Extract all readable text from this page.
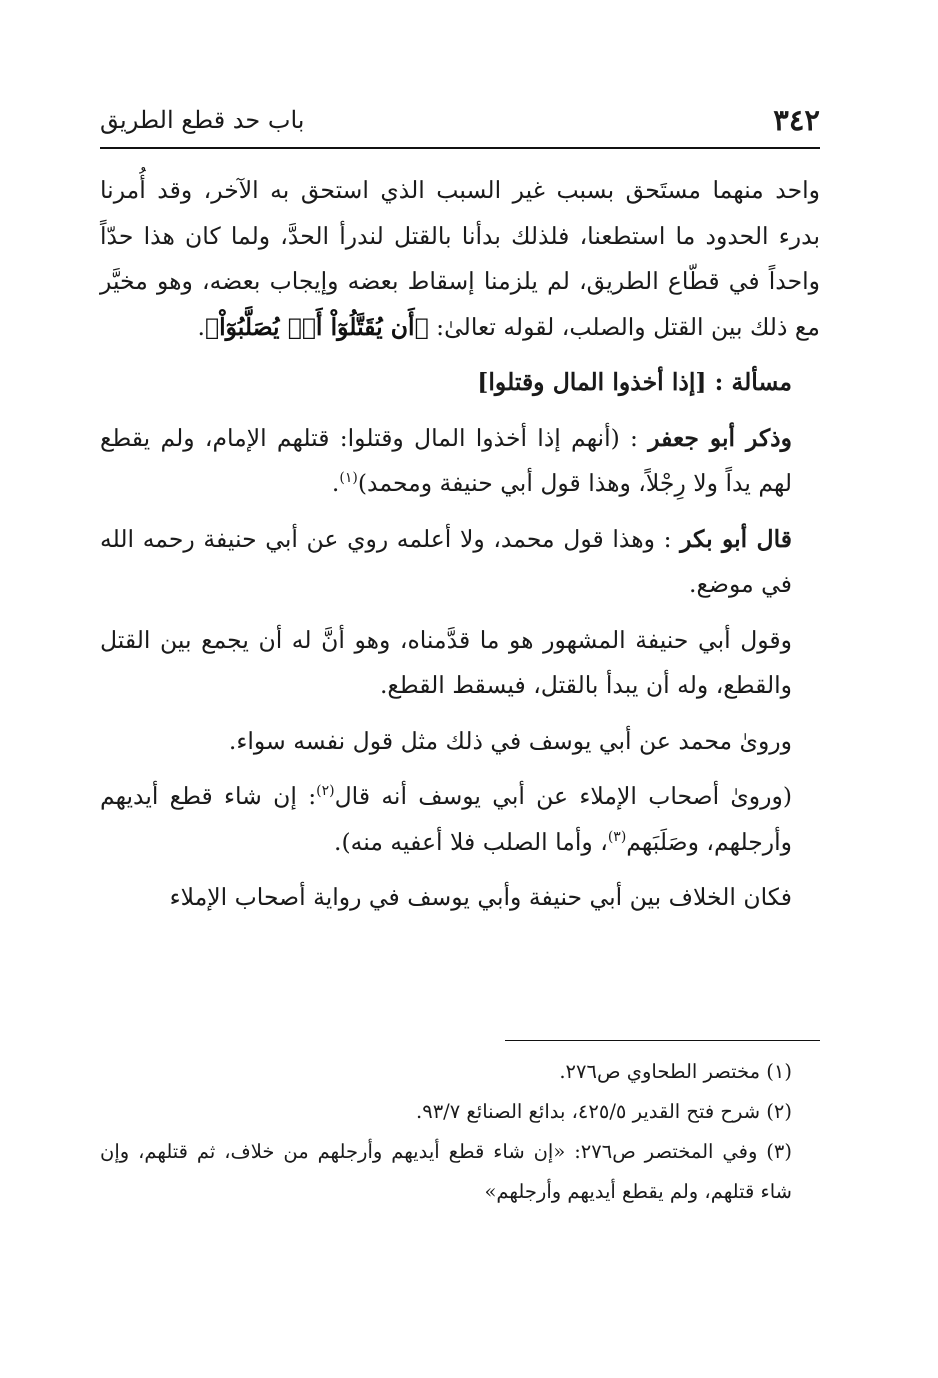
٣٤٢
باب حد قطع الطريق

واحد منهما مستَحق بسبب غير السبب الذي استحق به الآخر، وقد أُمرنا بدرء الحدود ما استطعنا، فلذلك بدأنا بالقتل لندرأ الحدَّ، ولما كان هذا حدّاً واحداً في قطّاع الطريق، لم يلزمنا إسقاط بعضه وإيجاب بعضه، وهو مخيَّر مع ذلك بين القتل والصلب، لقوله تعالىٰ: ﴿أَن يُقَتَّلُوٓاْ أَوۡ يُصَلَّبُوٓاْ﴾.

مسألة : [إذا أخذوا المال وقتلوا]

وذكر أبو جعفر : (أنهم إذا أخذوا المال وقتلوا: قتلهم الإمام، ولم يقطع لهم يداً ولا رِجْلاً، وهذا قول أبي حنيفة ومحمد)$^{(١)}$.

قال أبو بكر : وهذا قول محمد، ولا أعلمه روي عن أبي حنيفة رحمه الله في موضع.

وقول أبي حنيفة المشهور هو ما قدَّمناه، وهو أنَّ له أن يجمع بين القتل والقطع، وله أن يبدأ بالقتل، فيسقط القطع.

وروىٰ محمد عن أبي يوسف في ذلك مثل قول نفسه سواء.

(وروىٰ أصحاب الإملاء عن أبي يوسف أنه قال$^{(٢)}$: إن شاء قطع أيديهم وأرجلهم، وصَلَبَهم$^{(٣)}$، وأما الصلب فلا أعفيه منه).

فكان الخلاف بين أبي حنيفة وأبي يوسف في رواية أصحاب الإملاء

(١) مختصر الطحاوي ص٢٧٦.

(٢) شرح فتح القدير ٤٢٥/٥، بدائع الصنائع ٩٣/٧.

(٣) وفي المختصر ص٢٧٦: «إن شاء قطع أيديهم وأرجلهم من خلاف، ثم قتلهم، وإن شاء قتلهم، ولم يقطع أيديهم وأرجلهم»
